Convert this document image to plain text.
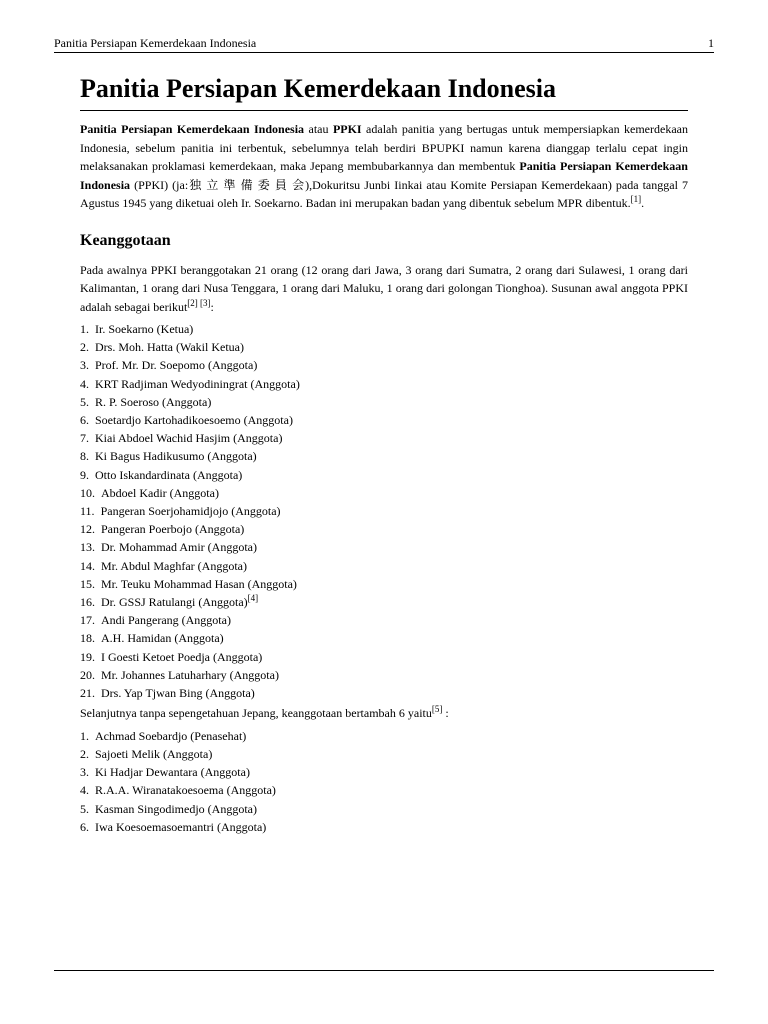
Panitia Persiapan Kemerdekaan Indonesia	1
Panitia Persiapan Kemerdekaan Indonesia

Panitia Persiapan Kemerdekaan Indonesia atau PPKI adalah panitia yang bertugas untuk mempersiapkan kemerdekaan Indonesia, sebelum panitia ini terbentuk, sebelumnya telah berdiri BPUPKI namun karena dianggap terlalu cepat ingin melaksanakan proklamasi kemerdekaan, maka Jepang membubarkannya dan membentuk Panitia Persiapan Kemerdekaan Indonesia (PPKI) (ja:独 立 準 備 委 員 会),Dokuritsu Junbi Iinkai atau Komite Persiapan Kemerdekaan) pada tanggal 7 Agustus 1945 yang diketuai oleh Ir. Soekarno. Badan ini merupakan badan yang dibentuk sebelum MPR dibentuk.[1].

Keanggotaan

Pada awalnya PPKI beranggotakan 21 orang (12 orang dari Jawa, 3 orang dari Sumatra, 2 orang dari Sulawesi, 1 orang dari Kalimantan, 1 orang dari Nusa Tenggara, 1 orang dari Maluku, 1 orang dari golongan Tionghoa). Susunan awal anggota PPKI adalah sebagai berikut[2] [3]:

1. Ir. Soekarno (Ketua)
2. Drs. Moh. Hatta (Wakil Ketua)
3. Prof. Mr. Dr. Soepomo (Anggota)
4. KRT Radjiman Wedyodiningrat (Anggota)
5. R. P. Soeroso (Anggota)
6. Soetardjo Kartohadikoesoemo (Anggota)
7. Kiai Abdoel Wachid Hasjim (Anggota)
8. Ki Bagus Hadikusumo (Anggota)
9. Otto Iskandardinata (Anggota)
10. Abdoel Kadir (Anggota)
11. Pangeran Soerjohamidjojo (Anggota)
12. Pangeran Poerbojo (Anggota)
13. Dr. Mohammad Amir (Anggota)
14. Mr. Abdul Maghfar (Anggota)
15. Mr. Teuku Mohammad Hasan (Anggota)
16. Dr. GSSJ Ratulangi (Anggota)[4]
17. Andi Pangerang (Anggota)
18. A.H. Hamidan (Anggota)
19. I Goesti Ketoet Poedja (Anggota)
20. Mr. Johannes Latuharhary (Anggota)
21. Drs. Yap Tjwan Bing (Anggota)

Selanjutnya tanpa sepengetahuan Jepang, keanggotaan bertambah 6 yaitu[5] :

1. Achmad Soebardjo (Penasehat)
2. Sajoeti Melik (Anggota)
3. Ki Hadjar Dewantara (Anggota)
4. R.A.A. Wiranatakoesoema (Anggota)
5. Kasman Singodimedjo (Anggota)
6. Iwa Koesoemasoemantri (Anggota)
